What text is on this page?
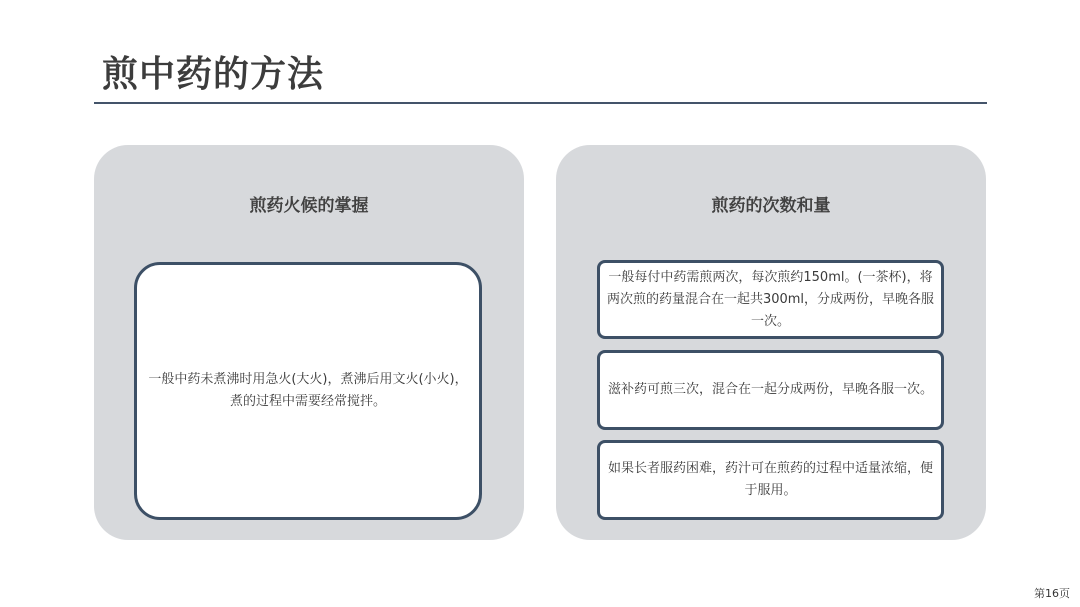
煎中药的方法
煎药火候的掌握
一般中药未煮沸时用急火(大火)，煮沸后用文火(小火)，煮的过程中需要经常搅拌。
煎药的次数和量
一般每付中药需煎两次，每次煎约150ml。(一茶杯)，将两次煎的药量混合在一起共300ml，分成两份，早晚各服一次。
滋补药可煎三次，混合在一起分成两份，早晚各服一次。
如果长者服药困难，药汁可在煎药的过程中适量浓缩，便于服用。
第16页
